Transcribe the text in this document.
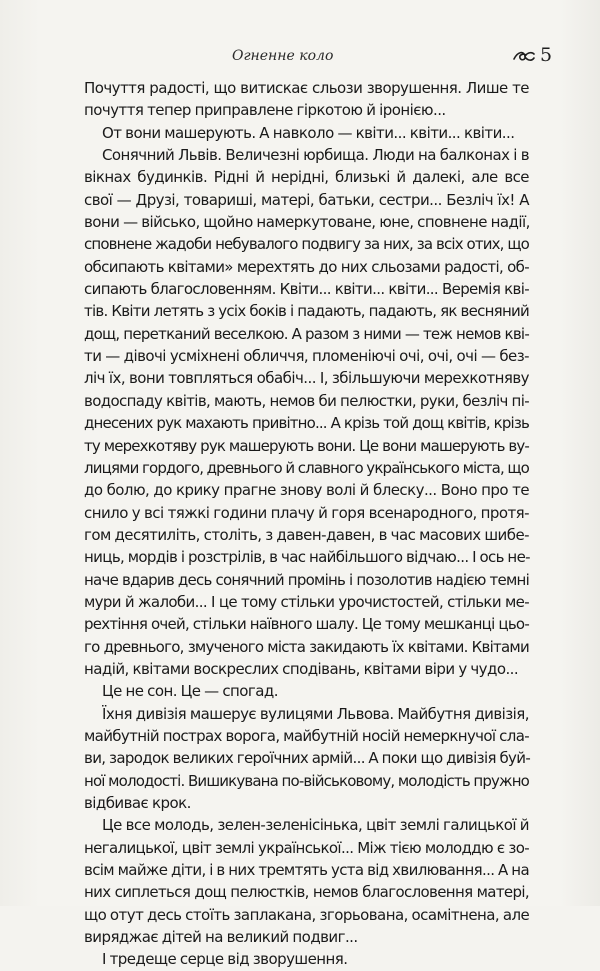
Огненне коло	5
Почуття радості, що витискає сльози зворушення. Лише те
почуття тепер приправлене гіркотою й іронією...
От вони машерують. А навколо — квіти... квіти... квіти...
Сонячний Львів. Величезні юрбища. Люди на балконах і в
вікнах будинків. Рідні й нерідні, близькі й далекі, але все
свої — Друзі, товариші, матері, батьки, сестри... Безліч їх! А
вони — військо, щойно намеркутоване, юне, сповнене надії,
сповнене жадоби небувалого подвигу за них, за всіх отих, що
обсипають квітами» мерехтять до них сльозами радості, об-
сипають благословенням. Квіти... квіти... квіти... Веремія кві-
тів. Квіти летять з усіх боків і падають, падають, як весняний
дощ, перетканий веселкою. А разом з ними — теж немов кві-
ти — дівочі усміхнені обличчя, пломеніючі очі, очі, очі — без-
ліч їх, вони товпляться обабіч... І, збільшуючи мерехкотняву
водоспаду квітів, мають, немов би пелюстки, руки, безліч пі-
днесених рук махають привітно... А крізь той дощ квітів, крізь
ту мерехкотяву рук машерують вони. Це вони машерують ву-
лицями гордого, древнього й славного українського міста, що
до болю, до крику прагне знову волі й блеску... Воно про те
снило у всі тяжкі години плачу й горя всенародного, протя-
гом десятиліть, століть, з давен-давен, в час масових шибе-
ниць, мордів і розстрілів, в час найбільшого відчаю... І ось не-
наче вдарив десь сонячний промінь і позолотив надією темні
мури й жалоби... І це тому стільки урочистостей, стільки ме-
рехтіння очей, стільки наївного шалу. Це тому мешканці цьо-
го древнього, змученого міста закидають їх квітами. Квітами
надій, квітами воскреслих сподівань, квітами віри у чудо...
Це не сон. Це — спогад.
Їхня дивізія машерує вулицями Львова. Майбутня дивізія,
майбутній пострах ворога, майбутній носій немеркнучої сла-
ви, зародок великих героїчних армій... А поки що дивізія буй-
ної молодості. Вишикувана по-військовому, молодість пружно
відбиває крок.
Це все молодь, зелен-зеленісінька, цвіт землі галицької й
негалицької, цвіт землі української... Між тією молоддю є зо-
всім майже діти, і в них тремтять уста від хвилювання... А на
них сиплеться дощ пелюстків, немов благословення матері,
що отут десь стоїть заплакана, згорьована, осамітнена, але
виряджає дітей на великий подвиг...
І тредеще серце від зворушення.
